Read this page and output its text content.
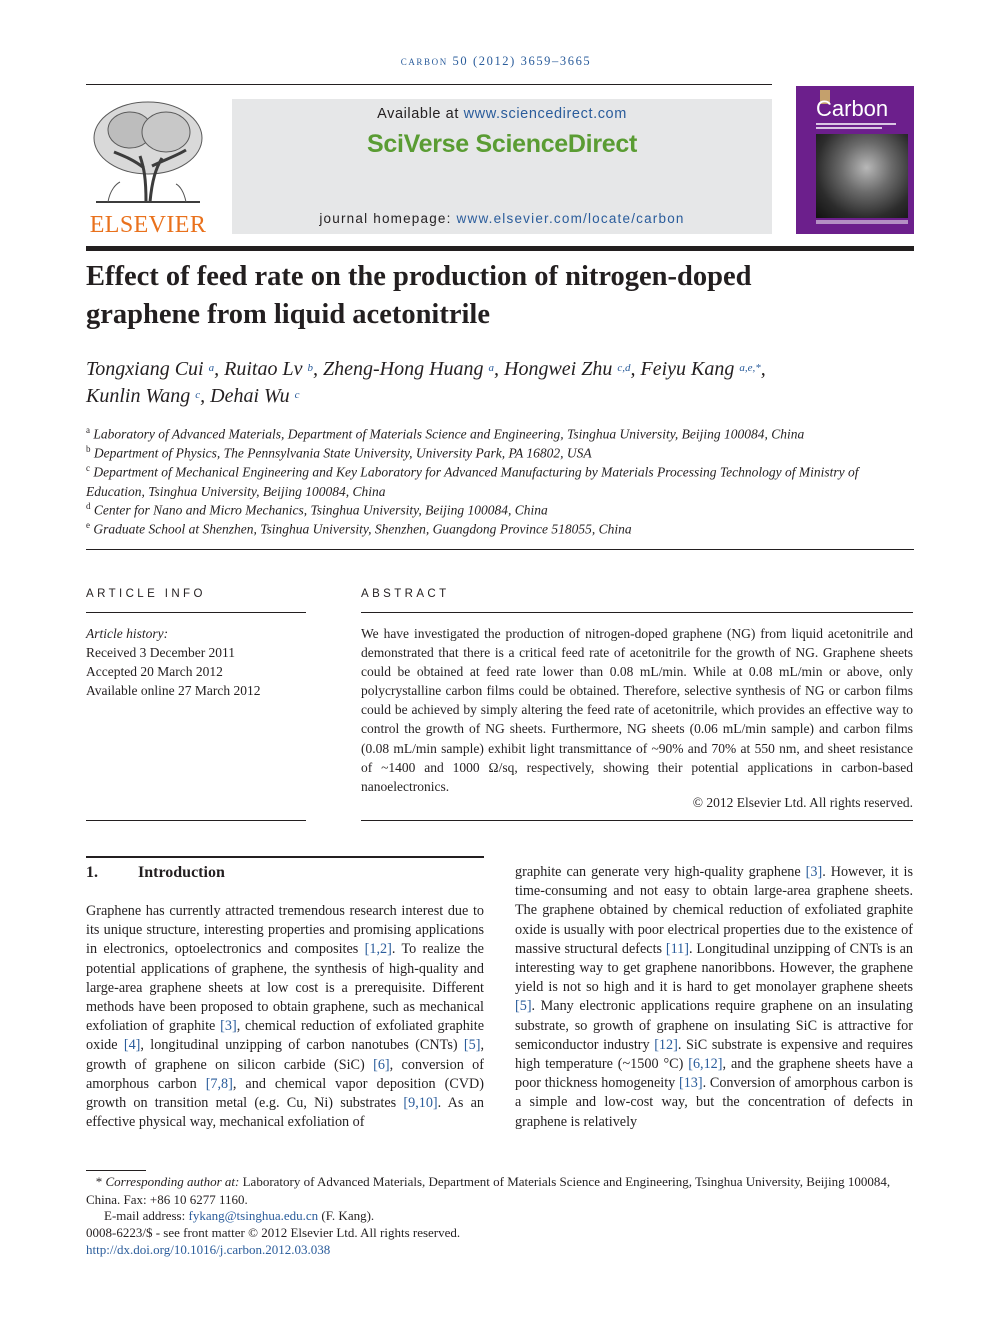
carbon 50 (2012) 3659–3665
ELSEVIER
Available at www.sciencedirect.com
SciVerse ScienceDirect
journal homepage: www.elsevier.com/locate/carbon
Carbon
Effect of feed rate on the production of nitrogen-doped
graphene from liquid acetonitrile
Tongxiang Cui $^a$, Ruitao Lv $^b$, Zheng-Hong Huang $^a$, Hongwei Zhu $^{c,d}$, Feiyu Kang $^{a,e,*}$,
Kunlin Wang $^c$, Dehai Wu $^c$
$^a$ Laboratory of Advanced Materials, Department of Materials Science and Engineering, Tsinghua University, Beijing 100084, China
$^b$ Department of Physics, The Pennsylvania State University, University Park, PA 16802, USA
$^c$ Department of Mechanical Engineering and Key Laboratory for Advanced Manufacturing by Materials Processing Technology of Ministry of
Education, Tsinghua University, Beijing 100084, China
$^d$ Center for Nano and Micro Mechanics, Tsinghua University, Beijing 100084, China
$^e$ Graduate School at Shenzhen, Tsinghua University, Shenzhen, Guangdong Province 518055, China
ARTICLE INFO
Article history:
Received 3 December 2011
Accepted 20 March 2012
Available online 27 March 2012
ABSTRACT
We have investigated the production of nitrogen-doped graphene (NG) from liquid acetonitrile and demonstrated that there is a critical feed rate of acetonitrile for the growth of NG. Graphene sheets could be obtained at feed rate lower than 0.08 mL/min. While at 0.08 mL/min or above, only polycrystalline carbon films could be obtained. Therefore, selective synthesis of NG or carbon films could be achieved by simply altering the feed rate of acetonitrile, which provides an effective way to control the growth of NG sheets. Furthermore, NG sheets (0.06 mL/min sample) and carbon films (0.08 mL/min sample) exhibit light transmittance of ~90% and 70% at 550 nm, and sheet resistance of ~1400 and 1000 Ω/sq, respectively, showing their potential applications in carbon-based nanoelectronics.
© 2012 Elsevier Ltd. All rights reserved.
1.	Introduction
Graphene has currently attracted tremendous research interest due to its unique structure, interesting properties and promising applications in electronics, optoelectronics and composites [1,2]. To realize the potential applications of graphene, the synthesis of high-quality and large-area graphene sheets at low cost is a prerequisite. Different methods have been proposed to obtain graphene, such as mechanical exfoliation of graphite [3], chemical reduction of exfoliated graphite oxide [4], longitudinal unzipping of carbon nanotubes (CNTs) [5], growth of graphene on silicon carbide (SiC) [6], conversion of amorphous carbon [7,8], and chemical vapor deposition (CVD) growth on transition metal (e.g. Cu, Ni) substrates [9,10]. As an effective physical way, mechanical exfoliation of
graphite can generate very high-quality graphene [3]. However, it is time-consuming and not easy to obtain large-area graphene sheets. The graphene obtained by chemical reduction of exfoliated graphite oxide is usually with poor electrical properties due to the existence of massive structural defects [11]. Longitudinal unzipping of CNTs is an interesting way to get graphene nanoribbons. However, the graphene yield is not so high and it is hard to get monolayer graphene sheets [5]. Many electronic applications require graphene on an insulating substrate, so growth of graphene on insulating SiC is attractive for semiconductor industry [12]. SiC substrate is expensive and requires high temperature (~1500 °C) [6,12], and the graphene sheets have a poor thickness homogeneity [13]. Conversion of amorphous carbon is a simple and low-cost way, but the concentration of defects in graphene is relatively
* Corresponding author at: Laboratory of Advanced Materials, Department of Materials Science and Engineering, Tsinghua University, Beijing 100084, China. Fax: +86 10 6277 1160.
E-mail address: fykang@tsinghua.edu.cn (F. Kang).
0008-6223/$ - see front matter © 2012 Elsevier Ltd. All rights reserved.
http://dx.doi.org/10.1016/j.carbon.2012.03.038
